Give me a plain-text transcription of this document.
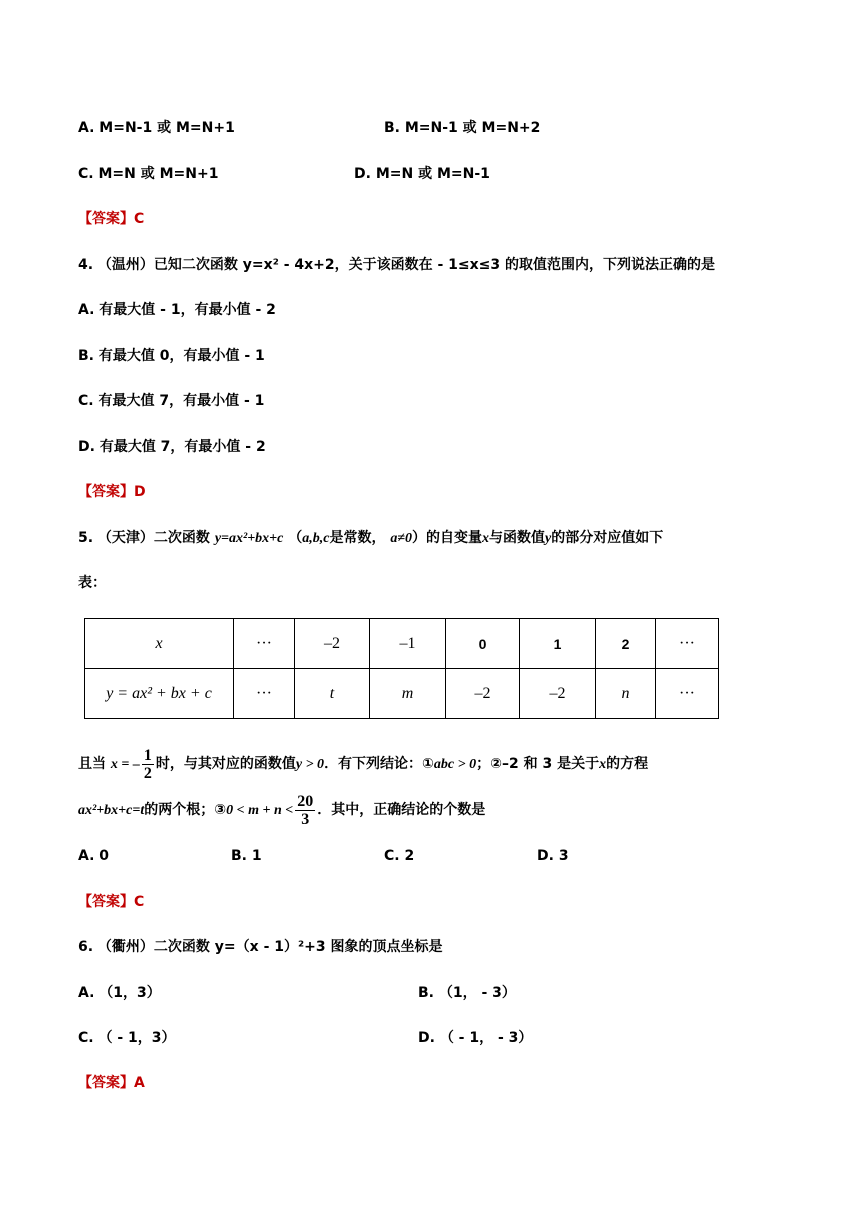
A. M=N-1 或 M=N+1	B. M=N-1 或 M=N+2
C. M=N 或 M=N+1	D. M=N 或 M=N-1
【答案】C
4. （温州）已知二次函数 y=x² - 4x+2，关于该函数在 - 1≤x≤3 的取值范围内，下列说法正确的是
A. 有最大值 - 1，有最小值 - 2
B. 有最大值 0，有最小值 - 1
C. 有最大值 7，有最小值 - 1
D. 有最大值 7，有最小值 - 2
【答案】D
5. （天津）二次函数 y=ax²+bx+c （a,b,c是常数， a≠0）的自变量x与函数值y的部分对应值如下
表：
x	···	–2	–1	0	1	2	···
y = ax² + bx + c	···	t	m	–2	–2	n	···
且当 x = – $\frac{1}{2}$ 时，与其对应的函数值y > 0．有下列结论：①abc > 0；②–2 和 3 是关于x的方程
ax²+bx+c=t的两个根；③0 < $m + n < \frac{20}{3}$ ．其中，正确结论的个数是
A. 0	B. 1	C. 2	D. 3
【答案】C
6. （衢州）二次函数 y=（x - 1）²+3 图象的顶点坐标是
A. （1，3）	B. （1， - 3）
C. （ - 1，3）	D. （ - 1， - 3）
【答案】A
